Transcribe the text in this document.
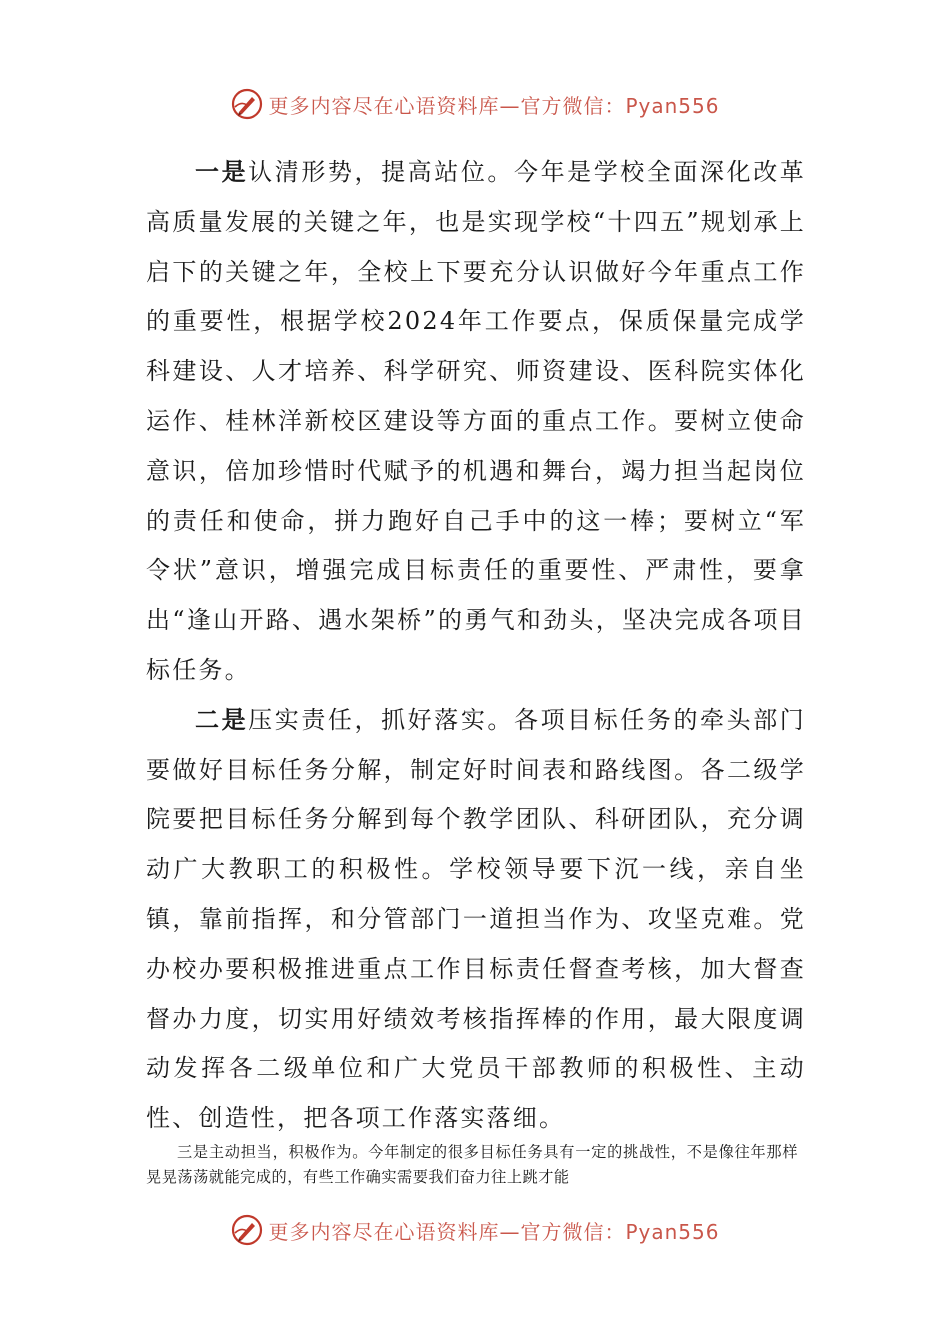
更多内容尽在心语资料库—官方微信：Pyan556

一是认清形势，提高站位。今年是学校全面深化改革高质量发展的关键之年，也是实现学校“十四五”规划承上启下的关键之年，全校上下要充分认识做好今年重点工作的重要性，根据学校2024年工作要点，保质保量完成学科建设、人才培养、科学研究、师资建设、医科院实体化运作、桂林洋新校区建设等方面的重点工作。要树立使命意识，倍加珍惜时代赋予的机遇和舞台，竭力担当起岗位的责任和使命，拼力跑好自己手中的这一棒；要树立“军令状”意识，增强完成目标责任的重要性、严肃性，要拿出“逢山开路、遇水架桥”的勇气和劲头，坚决完成各项目标任务。

二是压实责任，抓好落实。各项目标任务的牵头部门要做好目标任务分解，制定好时间表和路线图。各二级学院要把目标任务分解到每个教学团队、科研团队，充分调动广大教职工的积极性。学校领导要下沉一线，亲自坐镇，靠前指挥，和分管部门一道担当作为、攻坚克难。党办校办要积极推进重点工作目标责任督查考核，加大督查督办力度，切实用好绩效考核指挥棒的作用，最大限度调动发挥各二级单位和广大党员干部教师的积极性、主动性、创造性，把各项工作落实落细。

三是主动担当，积极作为。今年制定的很多目标任务具有一定的挑战性，不是像往年那样晃晃荡荡就能完成的，有些工作确实需要我们奋力往上跳才能

更多内容尽在心语资料库—官方微信：Pyan556
